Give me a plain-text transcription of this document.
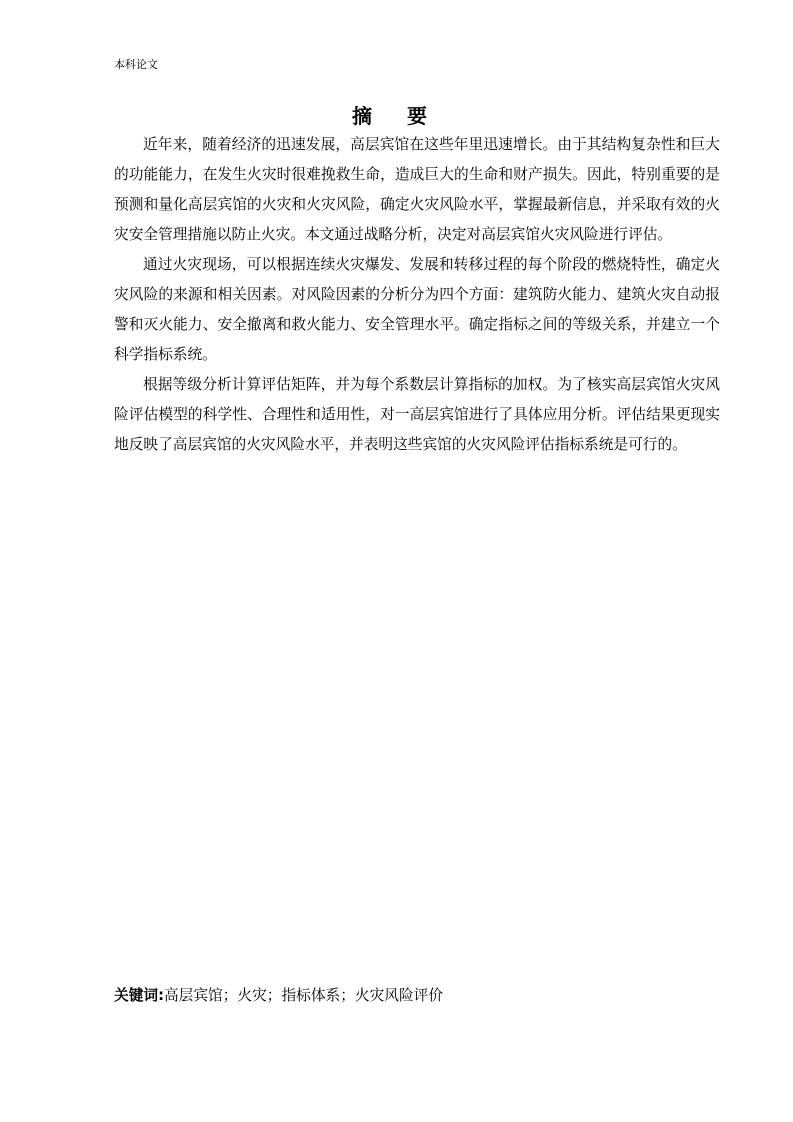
本科论文
摘 要

近年来，随着经济的迅速发展，高层宾馆在这些年里迅速增长。由于其结构复杂性和巨大的功能能力，在发生火灾时很难挽救生命，造成巨大的生命和财产损失。因此，特别重要的是预测和量化高层宾馆的火灾和火灾风险，确定火灾风险水平，掌握最新信息，并采取有效的火灾安全管理措施以防止火灾。本文通过战略分析，决定对高层宾馆火灾风险进行评估。

通过火灾现场，可以根据连续火灾爆发、发展和转移过程的每个阶段的燃烧特性，确定火灾风险的来源和相关因素。对风险因素的分析分为四个方面：建筑防火能力、建筑火灾自动报警和灭火能力、安全撤离和救火能力、安全管理水平。确定指标之间的等级关系，并建立一个科学指标系统。

根据等级分析计算评估矩阵，并为每个系数层计算指标的加权。为了核实高层宾馆火灾风险评估模型的科学性、合理性和适用性，对一高层宾馆进行了具体应用分析。评估结果更现实地反映了高层宾馆的火灾风险水平，并表明这些宾馆的火灾风险评估指标系统是可行的。

关键词:高层宾馆；火灾；指标体系；火灾风险评价
